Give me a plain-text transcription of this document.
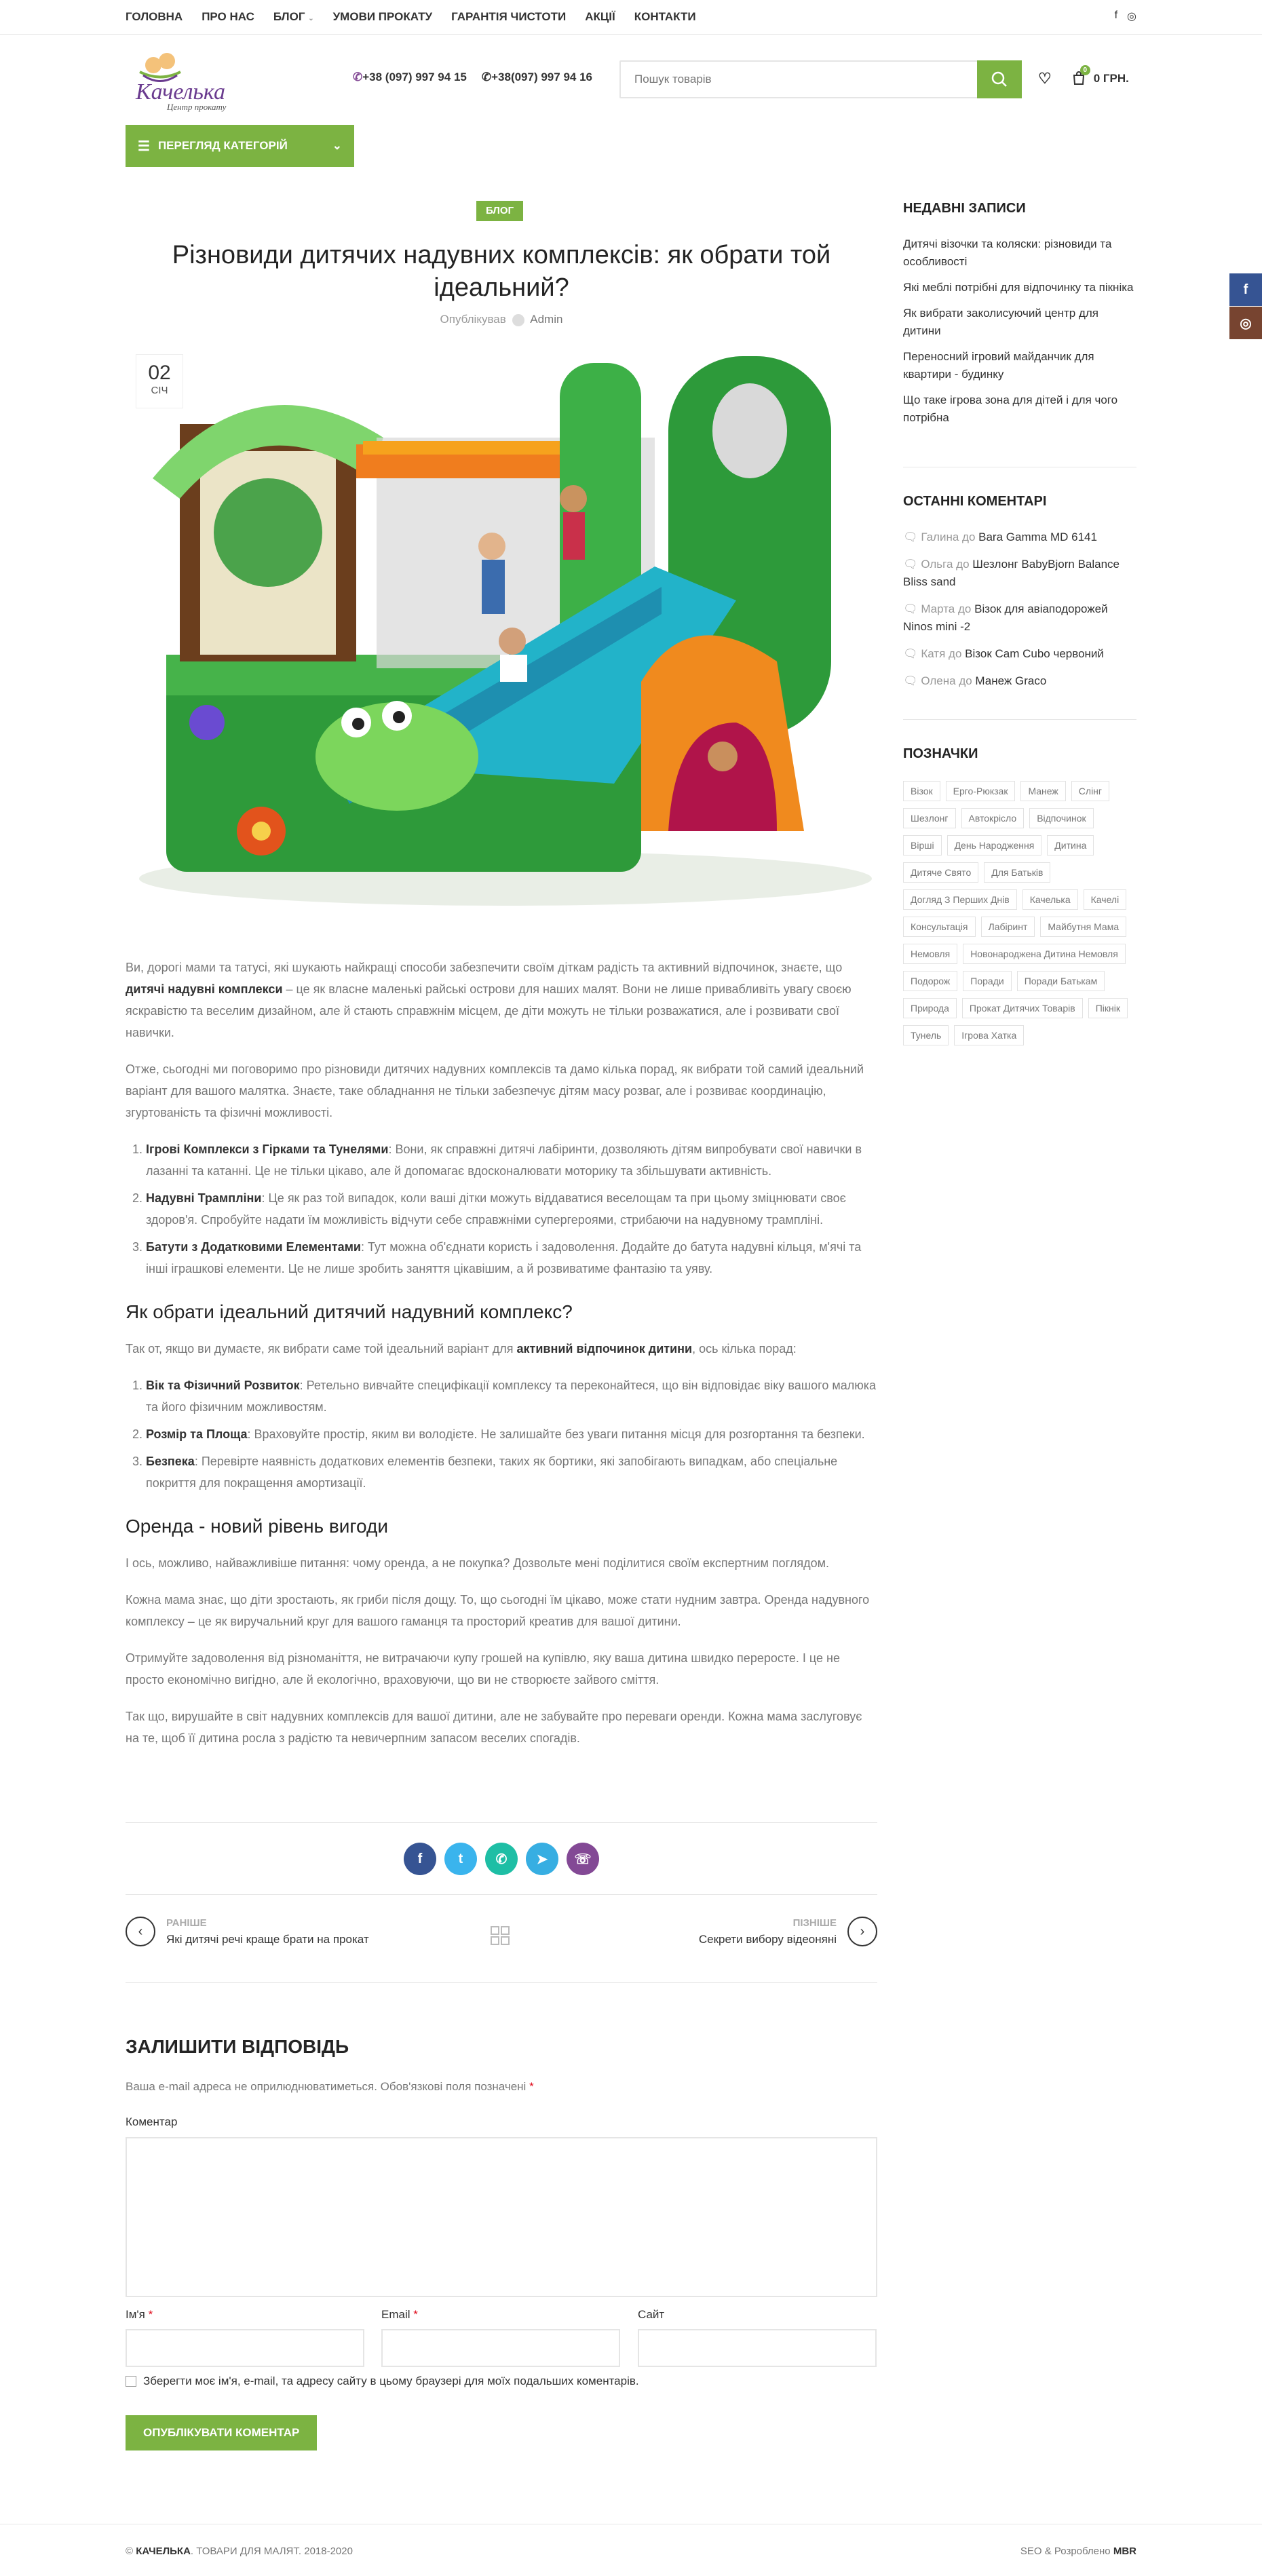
ГОЛОВНА ПРО НАС БЛОГ ⌄ УМОВИ ПРОКАТУ ГАРАНТІЯ ЧИСТОТИ АКЦІЇ КОНТАКТИ	f ◎
Качелька
Центр прокату
✆+38 (097) 997 94 15 ✆+38(097) 997 94 16
Пошук товарів	♡	0
0 ГРН.
☰ ПЕРЕГЛЯД КАТЕГОРІЙ	⌄
БЛОГ
Різновиди дитячих надувних комплексів: як обрати той ідеальний?
Опублікував Admin
02
СІЧ

Ви, дорогі мами та татусі, які шукають найкращі способи забезпечити своїм діткам радість та активний відпочинок, знаєте, що дитячі надувні комплекси – це як власне маленькі райські острови для наших малят. Вони не лише привабливіть увагу своєю яскравістю та веселим дизайном, але й стають справжнім місцем, де діти можуть не тільки розважатися, але і розвивати свої навички.

Отже, сьогодні ми поговоримо про різновиди дитячих надувних комплексів та дамо кілька порад, як вибрати той самий ідеальний варіант для вашого малятка. Знаєте, таке обладнання не тільки забезпечує дітям масу розваг, але і розвиває координацію, згуртованість та фізичні можливості.

1. Ігрові Комплекси з Гірками та Тунелями: Вони, як справжні дитячі лабіринти, дозволяють дітям випробувати свої навички в лазанні та катанні. Це не тільки цікаво, але й допомагає вдосконалювати моторику та збільшувати активність.
2. Надувні Трампліни: Це як раз той випадок, коли ваші дітки можуть віддаватися веселощам та при цьому зміцнювати своє здоров'я. Спробуйте надати їм можливість відчути себе справжніми супергероями, стрибаючи на надувному трампліні.
3. Батути з Додатковими Елементами: Тут можна об'єднати користь і задоволення. Додайте до батута надувні кільця, м'ячі та інші іграшкові елементи. Це не лише зробить заняття цікавішим, а й розвиватиме фантазію та уяву.
Як обрати ідеальний дитячий надувний комплекс?

Так от, якщо ви думаєте, як вибрати саме той ідеальний варіант для активний відпочинок дитини, ось кілька порад:

1. Вік та Фізичний Розвиток: Ретельно вивчайте специфікації комплексу та переконайтеся, що він відповідає віку вашого малюка та його фізичним можливостям.
2. Розмір та Площа: Враховуйте простір, яким ви володієте. Не залишайте без уваги питання місця для розгортання та безпеки.
3. Безпека: Перевірте наявність додаткових елементів безпеки, таких як бортики, які запобігають випадкам, або спеціальне покриття для покращення амортизації.
Оренда - новий рівень вигоди

І ось, можливо, найважливіше питання: чому оренда, а не покупка? Дозвольте мені поділитися своїм експертним поглядом.

Кожна мама знає, що діти зростають, як гриби після дощу. То, що сьогодні їм цікаво, може стати нудним завтра. Оренда надувного комплексу – це як виручальний круг для вашого гаманця та просторий креатив для вашої дитини.

Отримуйте задоволення від різноманіття, не витрачаючи купу грошей на купівлю, яку ваша дитина швидко переросте. І це не просто економічно вигідно, але й екологічно, враховуючи, що ви не створюєте зайвого сміття.

Так що, вирушайте в світ надувних комплексів для вашої дитини, але не забувайте про переваги оренди. Кожна мама заслуговує на те, щоб її дитина росла з радістю та невичерпним запасом веселих спогадів.

f	t	✆	➤	☏
‹
РАНІШЕ
Які дитячі речі краще брати на прокат
ПІЗНІШЕ
Секрети вибору відеоняні
›
ЗАЛИШИТИ ВІДПОВІДЬ
Ваша e-mail адреса не оприлюднюватиметься. Обов'язкові поля позначені *
Коментар
Ім'я *	Email *	Сайт
Зберегти моє ім'я, e-mail, та адресу сайту в цьому браузері для моїх подальших коментарів.
ОПУБЛІКУВАТИ КОМЕНТАР
© КАЧЕЛЬКА. ТОВАРИ ДЛЯ МАЛЯТ. 2018-2020	SEO & Розроблено MBR
НЕДАВНІ ЗАПИСИ
Дитячі візочки та коляски: різновиди та особливості
Які меблі потрібні для відпочинку та пікніка
Як вибрати заколисуючий центр для дитини
Переносний ігровий майданчик для квартири - будинку
Що таке ігрова зона для дітей і для чого потрібна
ОСТАННІ КОМЕНТАРІ
🗨 Галина до Bara Gamma MD 6141
🗨 Ольга до Шезлонг BabyBjorn Balance Bliss sand
🗨 Марта до Візок для авіаподорожей Ninos mini -2
🗨 Катя до Візок Cam Cubo червоний
🗨 Олена до Манеж Graco
ПОЗНАЧКИ
Візок	Ерго-Рюкзак	Манеж	Слінг
Шезлонг	Автокрісло	Відпочинок
Вірші	День Народження	Дитина
Дитяче Свято	Для Батьків
Догляд З Перших Днів	Качелька	Качелі
Консультація	Лабіринт	Майбутня Мама
Немовля	Новонароджена Дитина Немовля
Подорож	Поради	Поради Батькам
Природа	Прокат Дитячих Товарів	Пікнік
Тунель	Ігрова Хатка
f
◎
